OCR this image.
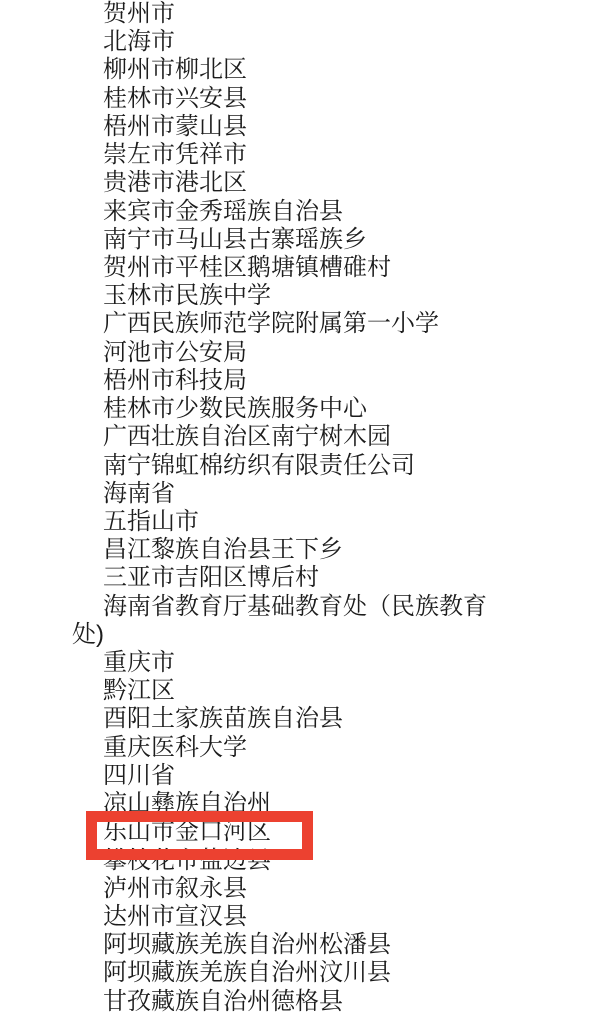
贺州市

北海市

柳州市柳北区

桂林市兴安县

梧州市蒙山县

崇左市凭祥市

贵港市港北区

来宾市金秀瑶族自治县

南宁市马山县古寨瑶族乡

贺州市平桂区鹅塘镇槽碓村

玉林市民族中学

广西民族师范学院附属第一小学

河池市公安局

梧州市科技局

桂林市少数民族服务中心

广西壮族自治区南宁树木园

南宁锦虹棉纺织有限责任公司

海南省

五指山市

昌江黎族自治县王下乡

三亚市吉阳区博后村

海南省教育厅基础教育处（民族教育处)

重庆市

黔江区

酉阳土家族苗族自治县

重庆医科大学

四川省

凉山彝族自治州

乐山市金口河区

攀枝花市盐边县

泸州市叙永县

达州市宣汉县

阿坝藏族羌族自治州松潘县

阿坝藏族羌族自治州汶川县

甘孜藏族自治州德格县
